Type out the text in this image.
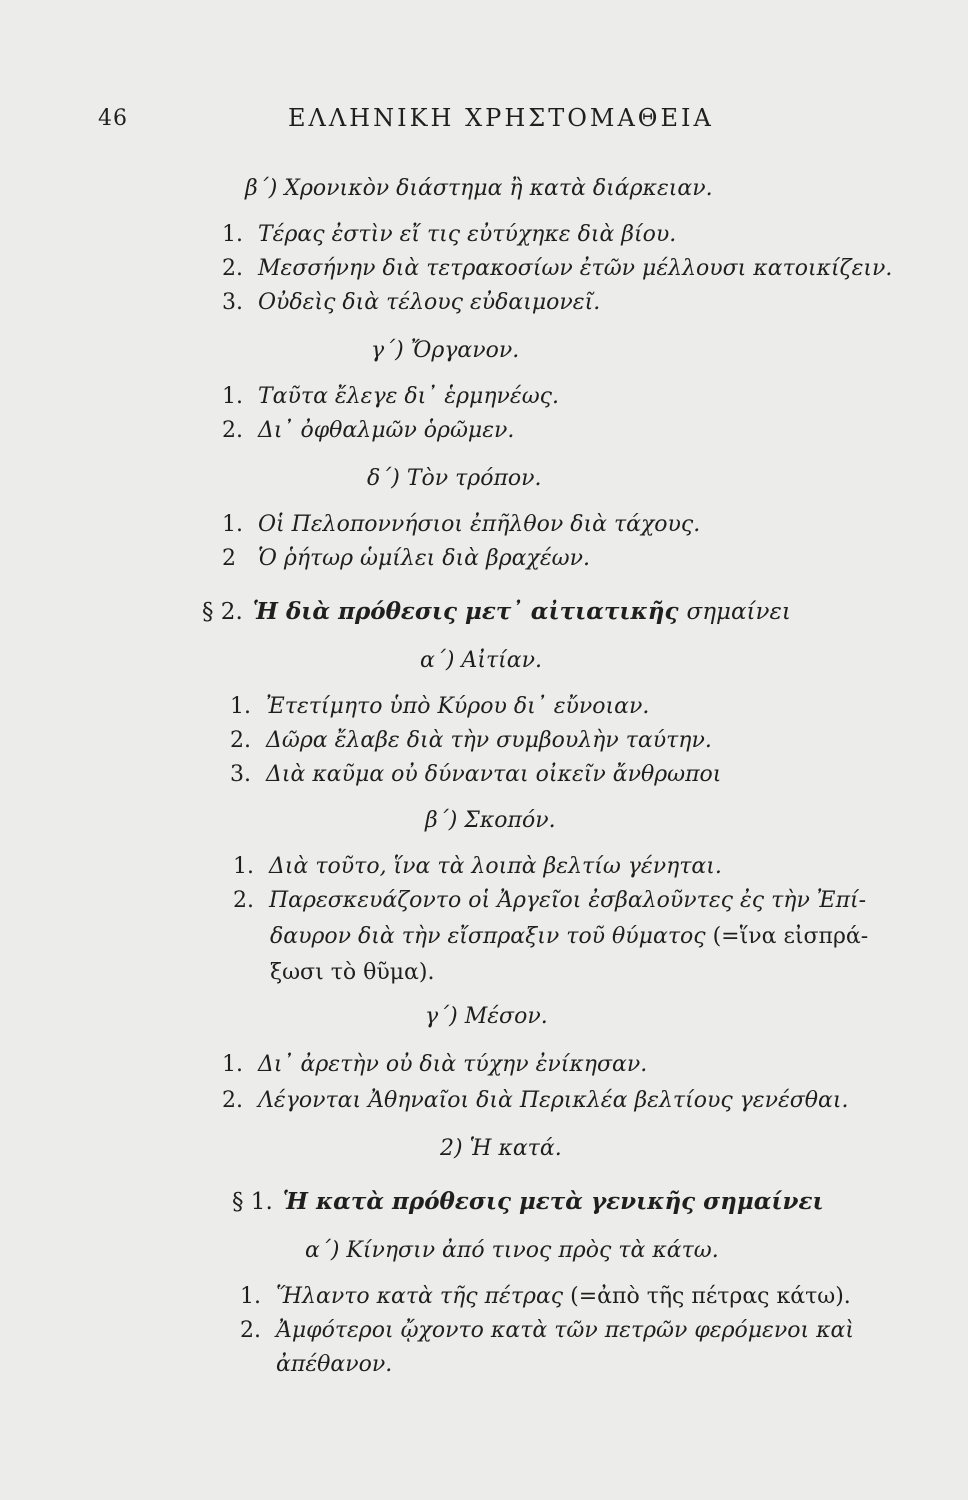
46	ΕΛΛΗΝΙΚΗ ΧΡΗΣΤΟΜΑΘΕΙΑ
β΄) Χρονικὸν διάστημα ἢ κατὰ διάρκειαν.
1. Τέρας ἐστὶν εἴ τις εὐτύχηκε διὰ βίου.
2. Μεσσήνην διὰ τετρακοσίων ἐτῶν μέλλουσι κατοικίζειν.
3. Οὐδεὶς διὰ τέλους εὐδαιμονεῖ.
γ΄) Ὄργανον.
1. Ταῦτα ἔλεγε δι᾽ ἑρμηνέως.
2. Δι᾽ ὀφθαλμῶν ὁρῶμεν.
δ΄) Τὸν τρόπον.
1. Οἱ Πελοποννήσιοι ἐπῆλθον διὰ τάχους.
2 Ὁ ῥήτωρ ὡμίλει διὰ βραχέων.
§ 2. Ἡ διὰ πρόθεσις μετ᾽ αἰτιατικῆς σημαίνει
α΄) Αἰτίαν.
1. Ἐτετίμητο ὑπὸ Κύρου δι᾽ εὔνοιαν.
2. Δῶρα ἔλαβε διὰ τὴν συμβουλὴν ταύτην.
3. Διὰ καῦμα οὐ δύνανται οἰκεῖν ἄνθρωποι
β΄) Σκοπόν.
1. Διὰ τοῦτο, ἵνα τὰ λοιπὰ βελτίω γένηται.
2. Παρεσκευάζοντο οἱ Ἀργεῖοι ἐσβαλοῦντες ἐς τὴν Ἐπί-
δαυρον διὰ τὴν εἴσπραξιν τοῦ θύματος (=ἵνα εἰσπρά-
ξωσι τὸ θῦμα).
γ΄) Μέσον.
1. Δι᾽ ἀρετὴν οὐ διὰ τύχην ἐνίκησαν.
2. Λέγονται Ἀθηναῖοι διὰ Περικλέα βελτίους γενέσθαι.
2) Ἡ κατά.
§ 1. Ἡ κατὰ πρόθεσις μετὰ γενικῆς σημαίνει
α΄) Κίνησιν ἀπό τινος πρὸς τὰ κάτω.
1. Ἥλαντο κατὰ τῆς πέτρας (=ἀπὸ τῆς πέτρας κάτω).
2. Ἀμφότεροι ᾤχοντο κατὰ τῶν πετρῶν φερόμενοι καὶ
ἀπέθανον.
